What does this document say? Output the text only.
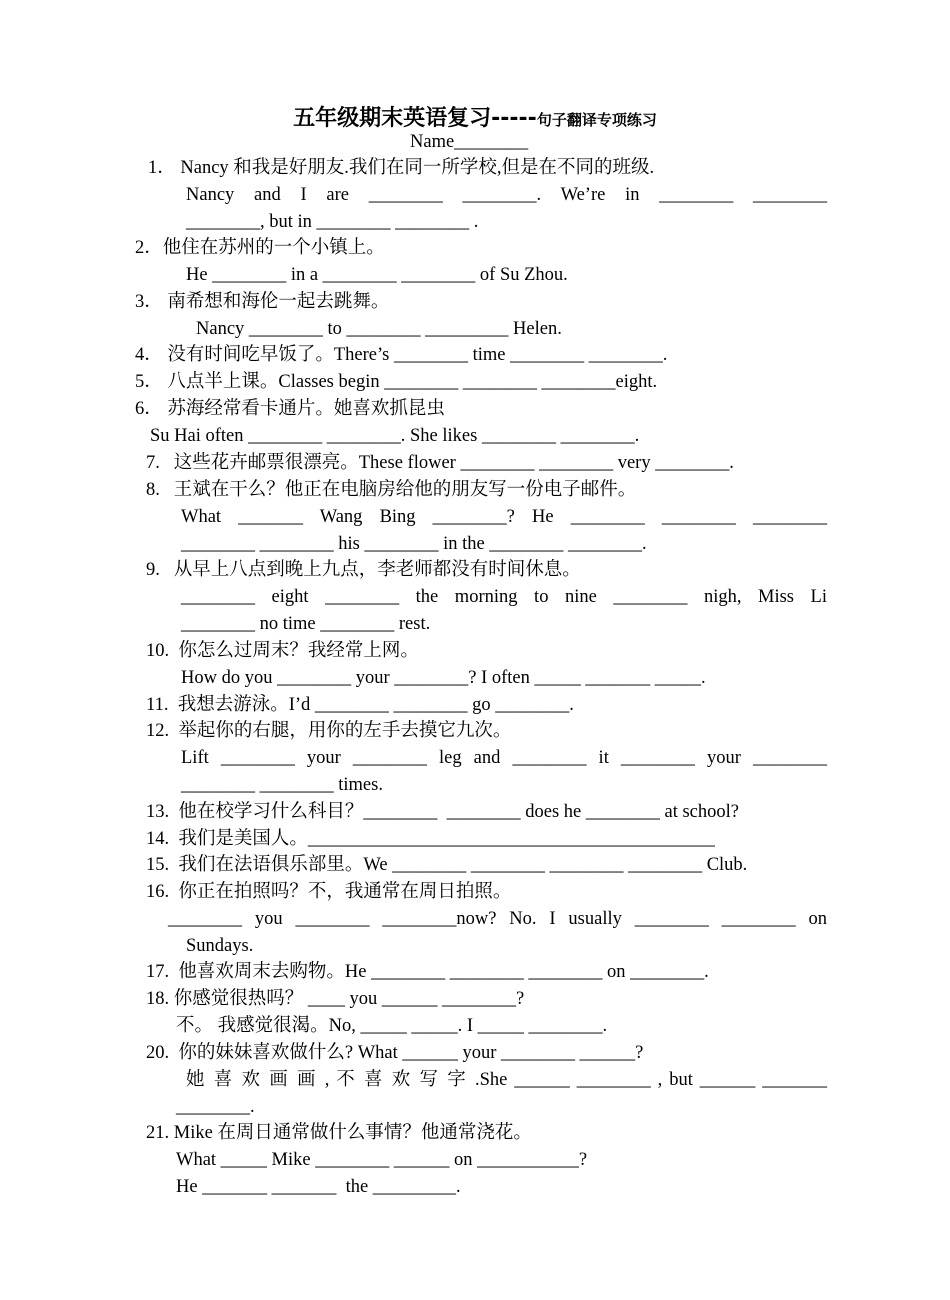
五年级期末英语复习-----句子翻译专项练习
Name________
1． Nancy 和我是好朋友.我们在同一所学校,但是在不同的班级.
Nancy and I are ________ ________. We’re in ________ ________
________, but in ________ ________ .
2．他住在苏州的一个小镇上。
He ________ in a ________ ________ of Su Zhou.
3． 南希想和海伦一起去跳舞。
Nancy ________ to ________ _________ Helen.
4． 没有时间吃早饭了。There’s ________ time ________ ________.
5． 八点半上课。Classes begin ________ ________ ________eight.
6． 苏海经常看卡通片。她喜欢抓昆虫
Su Hai often ________ ________. She likes ________ ________.
7.   这些花卉邮票很漂亮。These flower ________ ________ very ________.
8.   王斌在干么？他正在电脑房给他的朋友写一份电子邮件。
What _______ Wang Bing ________? He ________ ________ ________
________ ________ his ________ in the ________ ________.
9.   从早上八点到晚上九点，李老师都没有时间休息。
________ eight ________ the morning to nine ________ nigh, Miss Li
________ no time ________ rest.
10.  你怎么过周末？我经常上网。
How do you ________ your ________? I often _____ _______ _____.
11.  我想去游泳。I’d ________ ________ go ________.
12.  举起你的右腿，用你的左手去摸它九次。
Lift ________ your ________ leg and ________ it ________ your ________
________ ________ times.
13.  他在校学习什么科目？________  ________ does he ________ at school?
14.  我们是美国人。____________________________________________
15.  我们在法语俱乐部里。We ________ ________ ________ ________ Club.
16.  你正在拍照吗？不，我通常在周日拍照。
________ you ________ ________now? No. I usually ________ ________ on
Sundays.
17.  他喜欢周末去购物。He ________ ________ ________ on ________.
18. 你感觉很热吗？ ____ you ______ ________?
不。 我感觉很渴。No, _____ _____. I _____ ________.
20.  你的妹妹喜欢做什么? What ______ your ________ ______?
她 喜 欢 画 画 , 不 喜 欢 写 字 .She ______ ________ , but ______ _______
________.
21. Mike 在周日通常做什么事情？他通常浇花。
What _____ Mike ________ ______ on ___________?
He _______ _______  the _________.
